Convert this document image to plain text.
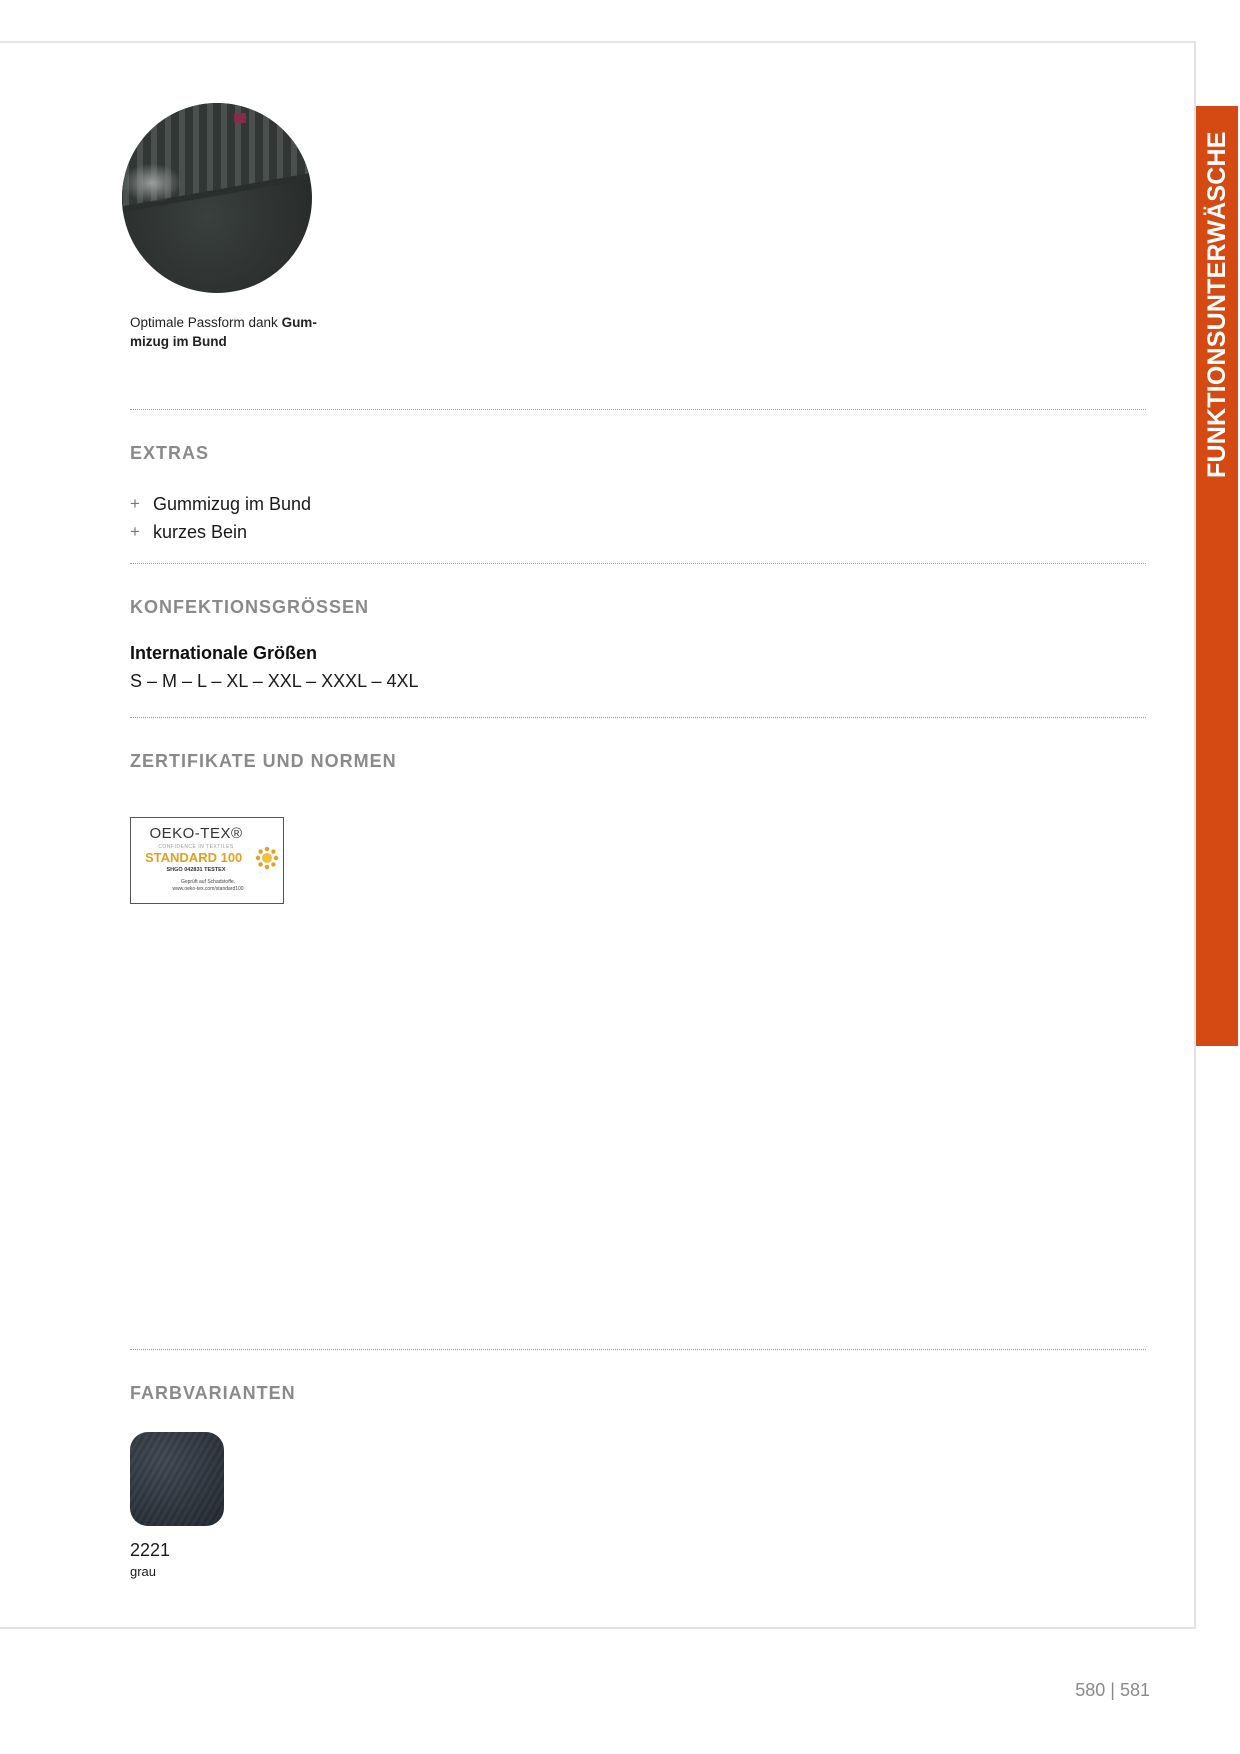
FUNKTIONSUNTERWÄSCHE
Optimale Passform dank Gum-mizug im Bund
EXTRAS
+ Gummizug im Bund
+ kurzes Bein
KONFEKTIONSGRÖSSEN
Internationale Größen
S – M – L – XL – XXL – XXXL – 4XL
ZERTIFIKATE UND NORMEN
OEKO-TEX®
CONFIDENCE IN TEXTILES
STANDARD 100
SHGO 042831 TESTEX
Geprüft auf Schadstoffe.
www.oeko-tex.com/standard100
FARBVARIANTEN
2221
grau
580 | 581
